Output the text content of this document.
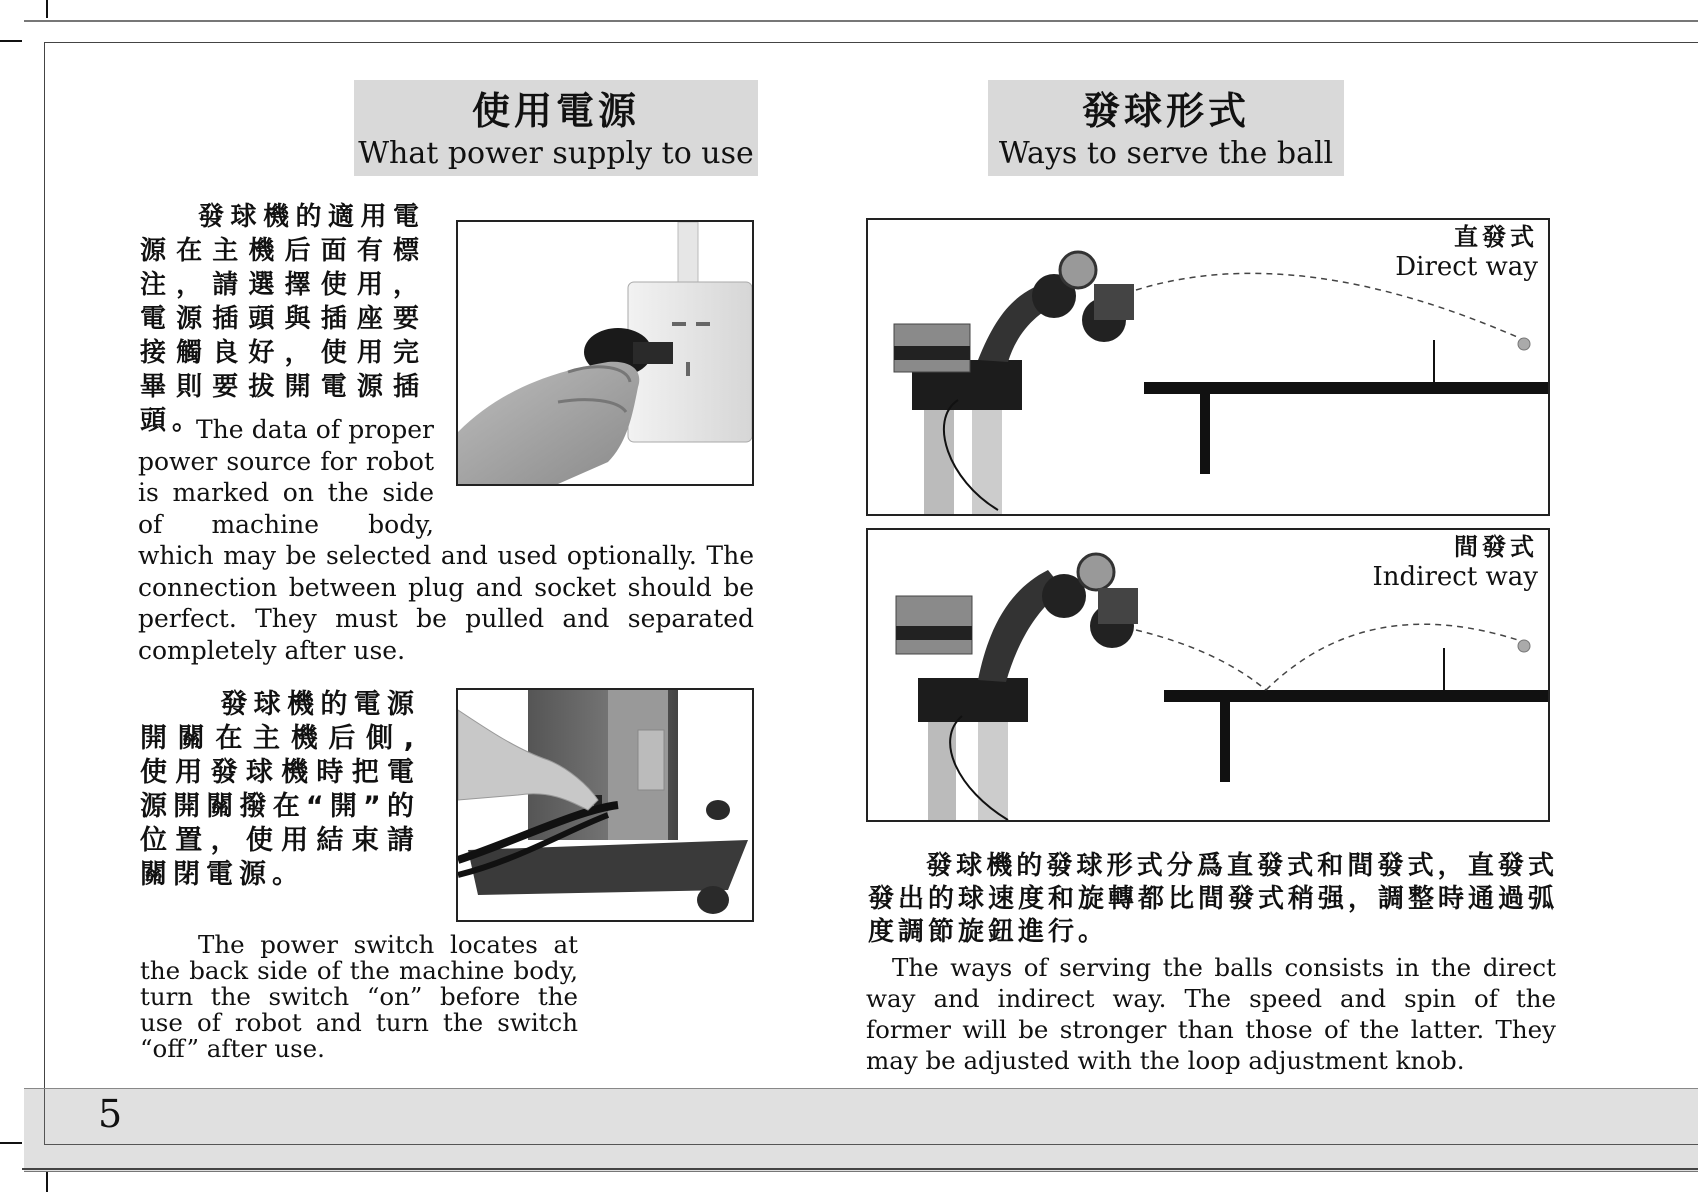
5
使用電源
What power supply to use
發球形式
Ways to serve the ball
發球機的適用電源在主機后面有標注，請選擇使用，電源插頭與插座要接觸良好，使用完畢則要拔開電源插頭。
The data of proper power source for robot is marked on the side of machine body, which may be selected and used optionally. The connection between plug and socket should be perfect. They must be pulled and separated completely after use.
發球機的電源開關在主機后側,使用發球機時把電源開關撥在“開”的位置，使用結束請關閉電源。
The power switch locates at the back side of the machine body, turn the switch “on” before the use of robot and turn the switch “off” after use.
直發式
Direct way
間發式
Indirect way
發球機的發球形式分爲直發式和間發式，直發式發出的球速度和旋轉都比間發式稍强，調整時通過弧度調節旋鈕進行。
The ways of serving the balls consists in the direct way and indirect way. The speed and spin of the former will be stronger than those of the latter. They may be adjusted with the loop adjustment knob.
